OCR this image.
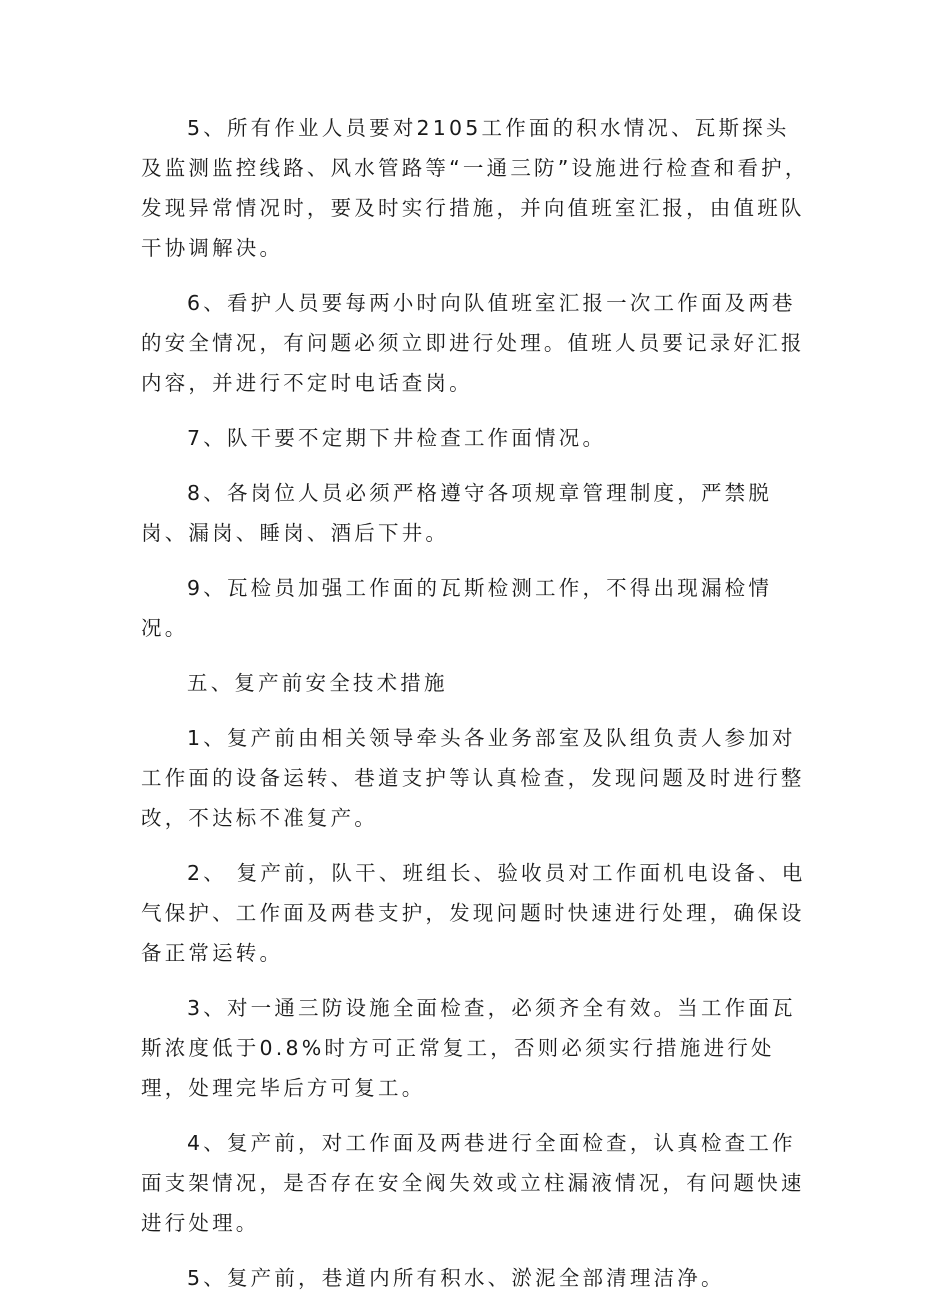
5、所有作业人员要对2105工作面的积水情况、瓦斯探头及监测监控线路、风水管路等“一通三防”设施进行检查和看护，发现异常情况时，要及时实行措施，并向值班室汇报，由值班队干协调解决。

6、看护人员要每两小时向队值班室汇报一次工作面及两巷的安全情况，有问题必须立即进行处理。值班人员要记录好汇报内容，并进行不定时电话查岗。

7、队干要不定期下井检查工作面情况。

8、各岗位人员必须严格遵守各项规章管理制度，严禁脱岗、漏岗、睡岗、酒后下井。

9、瓦检员加强工作面的瓦斯检测工作，不得出现漏检情况。

五、复产前安全技术措施

1、复产前由相关领导牵头各业务部室及队组负责人参加对工作面的设备运转、巷道支护等认真检查，发现问题及时进行整改，不达标不准复产。

2、 复产前，队干、班组长、验收员对工作面机电设备、电气保护、工作面及两巷支护，发现问题时快速进行处理，确保设备正常运转。

3、对一通三防设施全面检查，必须齐全有效。当工作面瓦斯浓度低于0.8%时方可正常复工，否则必须实行措施进行处理，处理完毕后方可复工。

4、复产前，对工作面及两巷进行全面检查，认真检查工作面支架情况，是否存在安全阀失效或立柱漏液情况，有问题快速进行处理。

5、复产前，巷道内所有积水、淤泥全部清理洁净。
